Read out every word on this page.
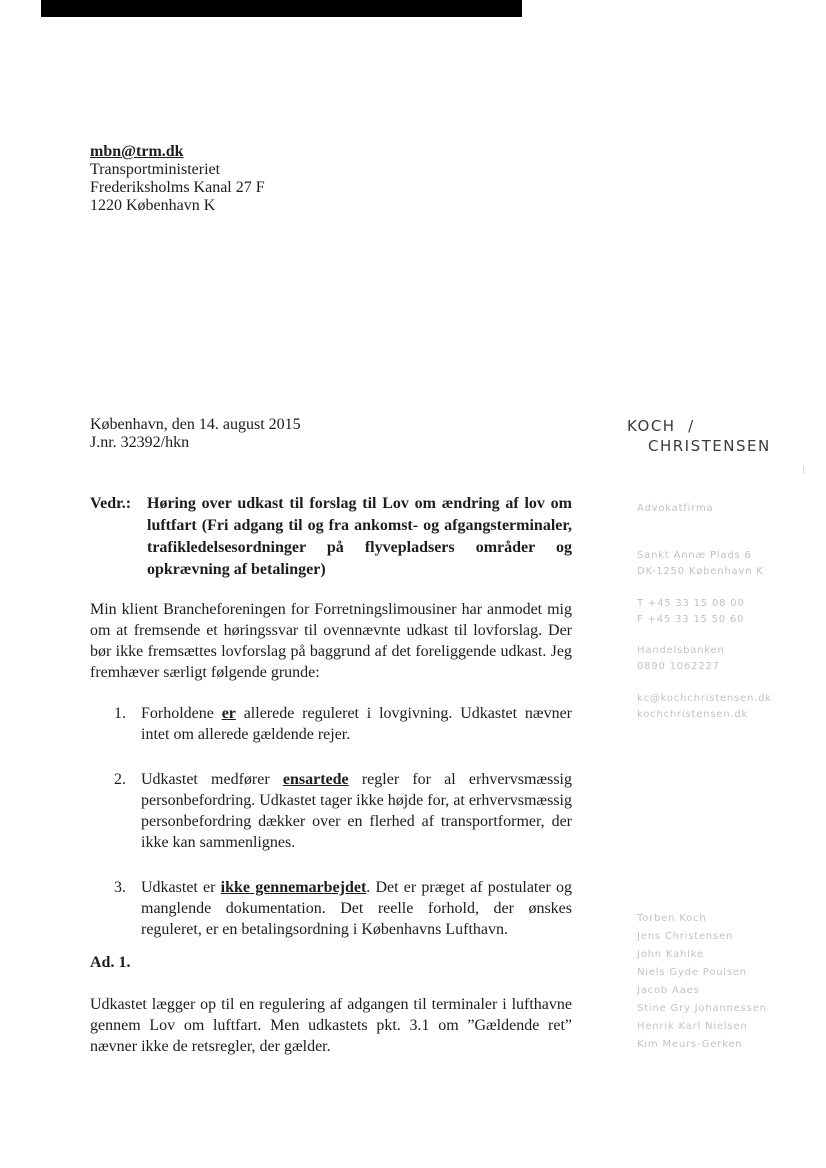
mbn@trm.dk
Transportministeriet
Frederiksholms Kanal 27 F
1220 København K
København, den 14. august 2015
J.nr. 32392/hkn
Vedr.: Høring over udkast til forslag til Lov om ændring af lov om luftfart (Fri adgang til og fra ankomst- og afgangsterminaler, trafikledelsesordninger på flyvepladsers områder og opkrævning af betalinger)
Min klient Brancheforeningen for Forretningslimousiner har anmodet mig om at fremsende et høringssvar til ovennævnte udkast til lovforslag. Der bør ikke fremsættes lovforslag på baggrund af det foreliggende udkast. Jeg fremhæver særligt følgende grunde:
1. Forholdene er allerede reguleret i lovgivning. Udkastet nævner intet om allerede gældende rejer.
2. Udkastet medfører ensartede regler for al erhvervsmæssig personbefordring. Udkastet tager ikke højde for, at erhvervsmæssig personbefordring dækker over en flerhed af transportformer, der ikke kan sammenlignes.
3. Udkastet er ikke gennemarbejdet. Det er præget af postulater og manglende dokumentation. Det reelle forhold, der ønskes reguleret, er en betalingsordning i Københavns Lufthavn.
Ad. 1.
Udkastet lægger op til en regulering af adgangen til terminaler i lufthavne gennem Lov om luftfart. Men udkastets pkt. 3.1 om ”Gældende ret” nævner ikke de retsregler, der gælder.
KOCH  /
CHRISTENSEN
Advokatfirma
Sankt Annæ Plads 6
DK-1250 København K
T +45 33 15 08 00
F +45 33 15 50 60
Handelsbanken
0890 1062227
kc@kochchristensen.dk
kochchristensen.dk
Torben Koch
Jens Christensen
John Kahlke
Niels Gyde Poulsen
Jacob Aaes
Stine Gry Johannessen
Henrik Karl Nielsen
Kim Meurs-Gerken
